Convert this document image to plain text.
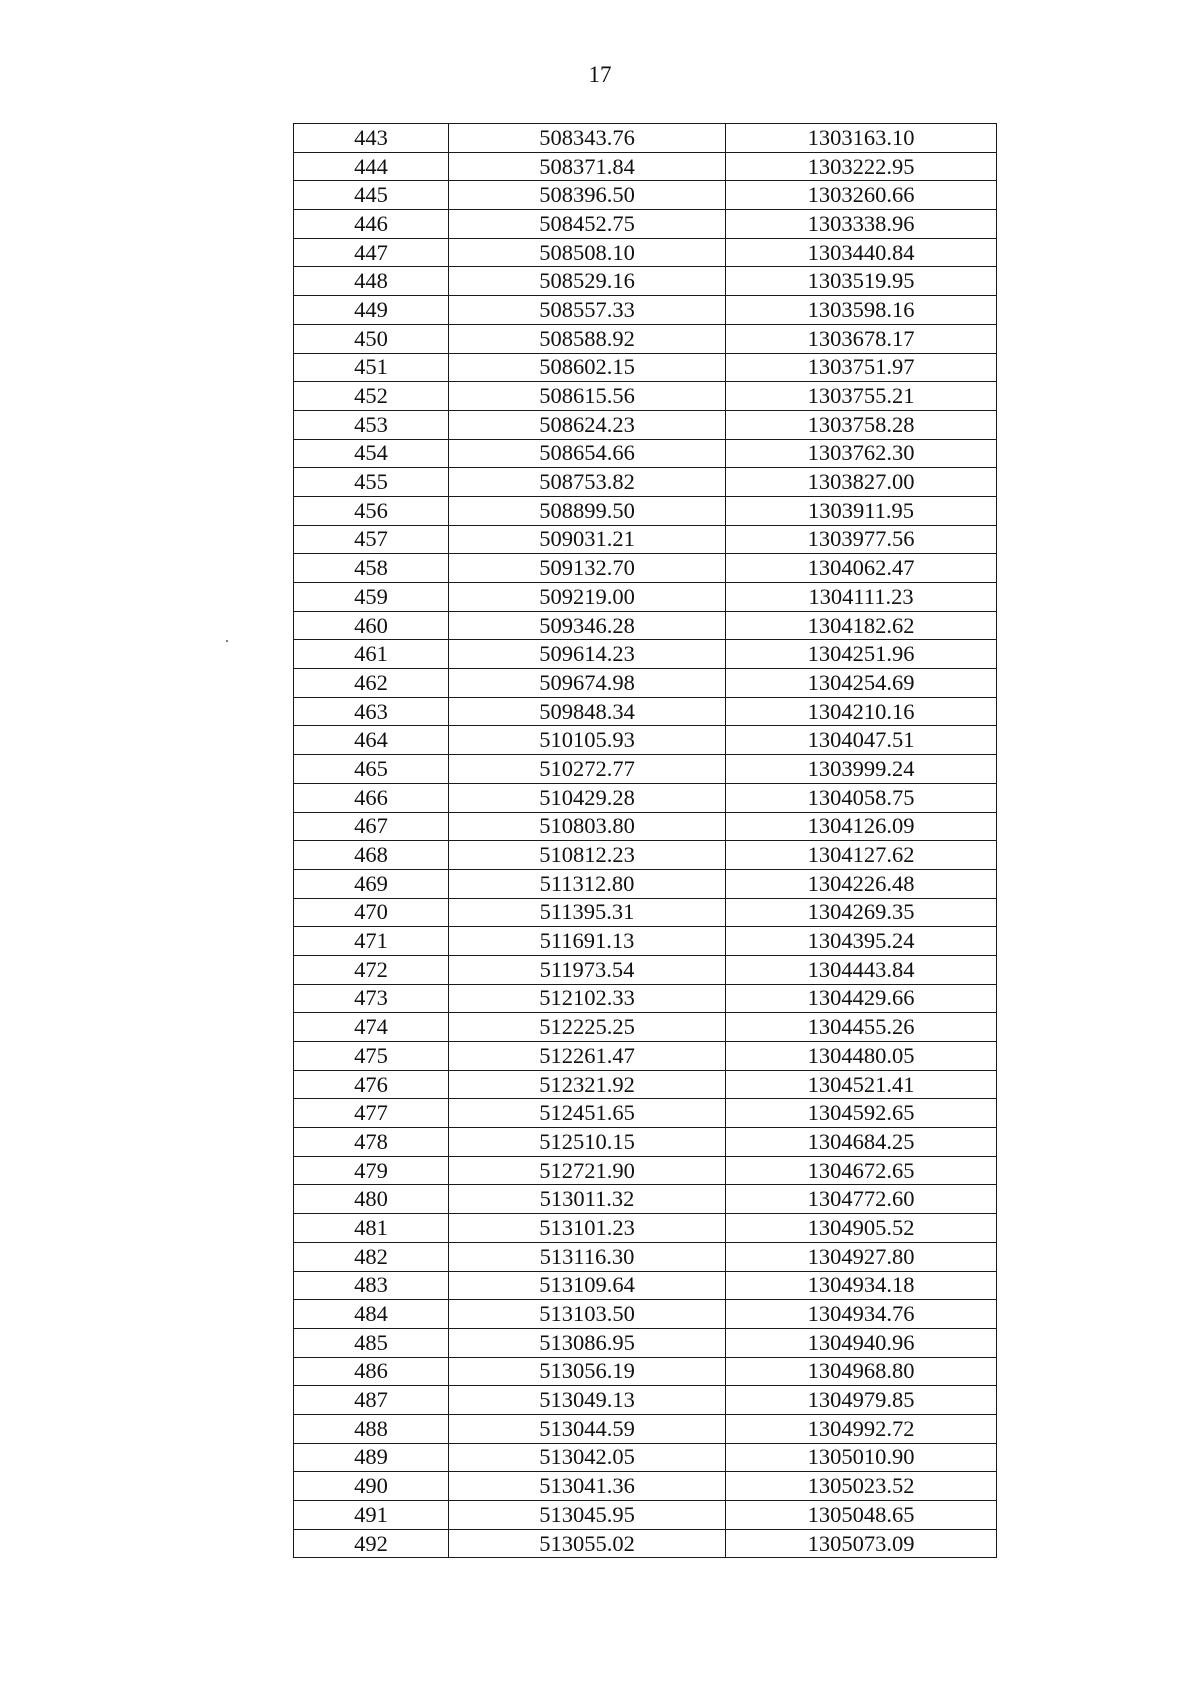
17
443	508343.76	1303163.10
444	508371.84	1303222.95
445	508396.50	1303260.66
446	508452.75	1303338.96
447	508508.10	1303440.84
448	508529.16	1303519.95
449	508557.33	1303598.16
450	508588.92	1303678.17
451	508602.15	1303751.97
452	508615.56	1303755.21
453	508624.23	1303758.28
454	508654.66	1303762.30
455	508753.82	1303827.00
456	508899.50	1303911.95
457	509031.21	1303977.56
458	509132.70	1304062.47
459	509219.00	1304111.23
460	509346.28	1304182.62
461	509614.23	1304251.96
462	509674.98	1304254.69
463	509848.34	1304210.16
464	510105.93	1304047.51
465	510272.77	1303999.24
466	510429.28	1304058.75
467	510803.80	1304126.09
468	510812.23	1304127.62
469	511312.80	1304226.48
470	511395.31	1304269.35
471	511691.13	1304395.24
472	511973.54	1304443.84
473	512102.33	1304429.66
474	512225.25	1304455.26
475	512261.47	1304480.05
476	512321.92	1304521.41
477	512451.65	1304592.65
478	512510.15	1304684.25
479	512721.90	1304672.65
480	513011.32	1304772.60
481	513101.23	1304905.52
482	513116.30	1304927.80
483	513109.64	1304934.18
484	513103.50	1304934.76
485	513086.95	1304940.96
486	513056.19	1304968.80
487	513049.13	1304979.85
488	513044.59	1304992.72
489	513042.05	1305010.90
490	513041.36	1305023.52
491	513045.95	1305048.65
492	513055.02	1305073.09
